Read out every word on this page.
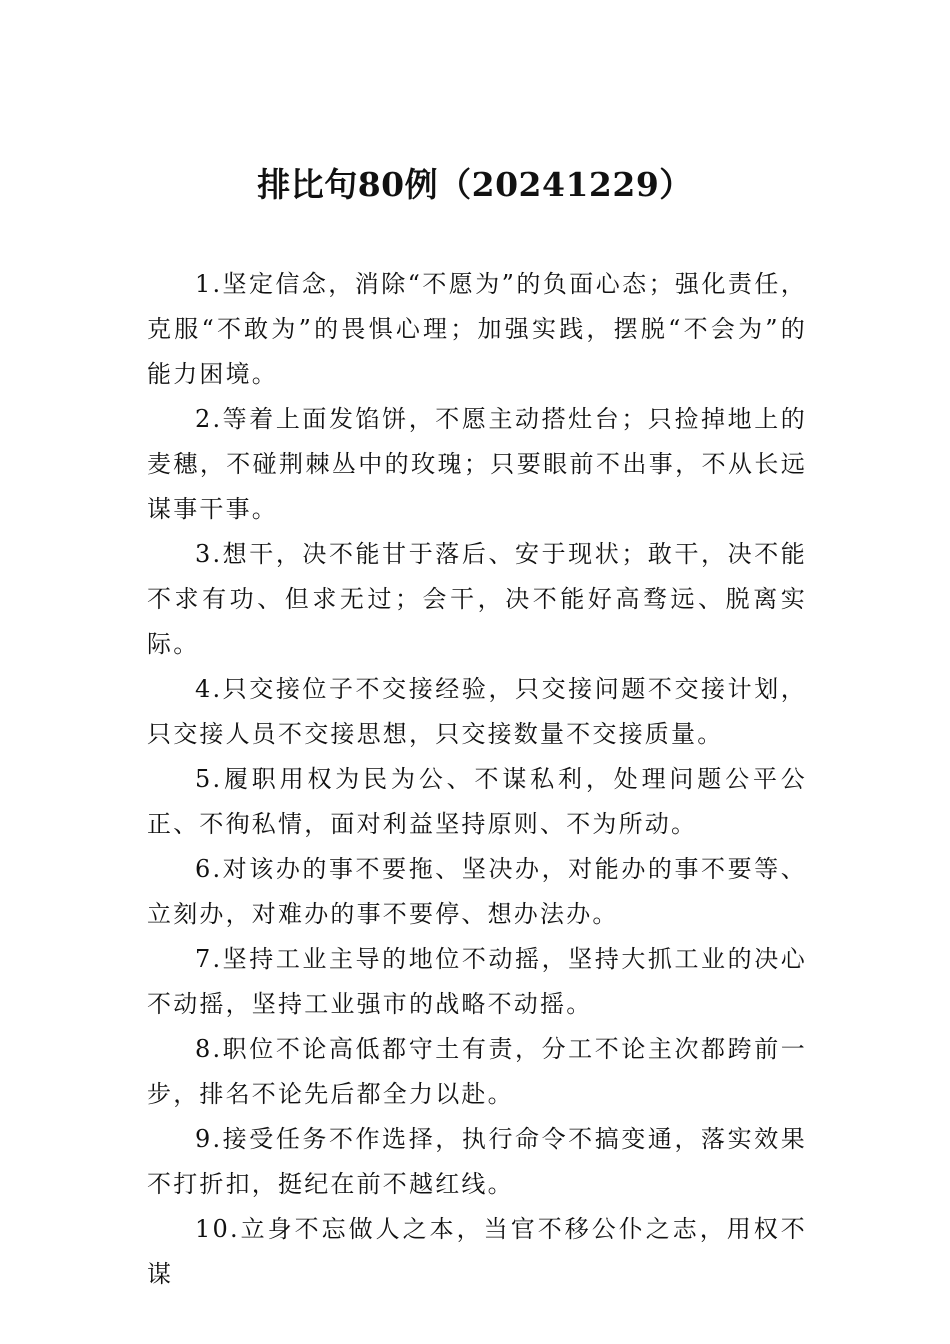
排比句80例（20241229）

1.坚定信念，消除“不愿为”的负面心态；强化责任，克服“不敢为”的畏惧心理；加强实践，摆脱“不会为”的能力困境。

2.等着上面发馅饼，不愿主动搭灶台；只捡掉地上的麦穗，不碰荆棘丛中的玫瑰；只要眼前不出事，不从长远谋事干事。

3.想干，决不能甘于落后、安于现状；敢干，决不能不求有功、但求无过；会干，决不能好高骛远、脱离实际。

4.只交接位子不交接经验，只交接问题不交接计划，只交接人员不交接思想，只交接数量不交接质量。

5.履职用权为民为公、不谋私利，处理问题公平公正、不徇私情，面对利益坚持原则、不为所动。

6.对该办的事不要拖、坚决办，对能办的事不要等、立刻办，对难办的事不要停、想办法办。

7.坚持工业主导的地位不动摇，坚持大抓工业的决心不动摇，坚持工业强市的战略不动摇。

8.职位不论高低都守土有责，分工不论主次都跨前一步，排名不论先后都全力以赴。

9.接受任务不作选择，执行命令不搞变通，落实效果不打折扣，挺纪在前不越红线。

10.立身不忘做人之本，当官不移公仆之志，用权不谋
